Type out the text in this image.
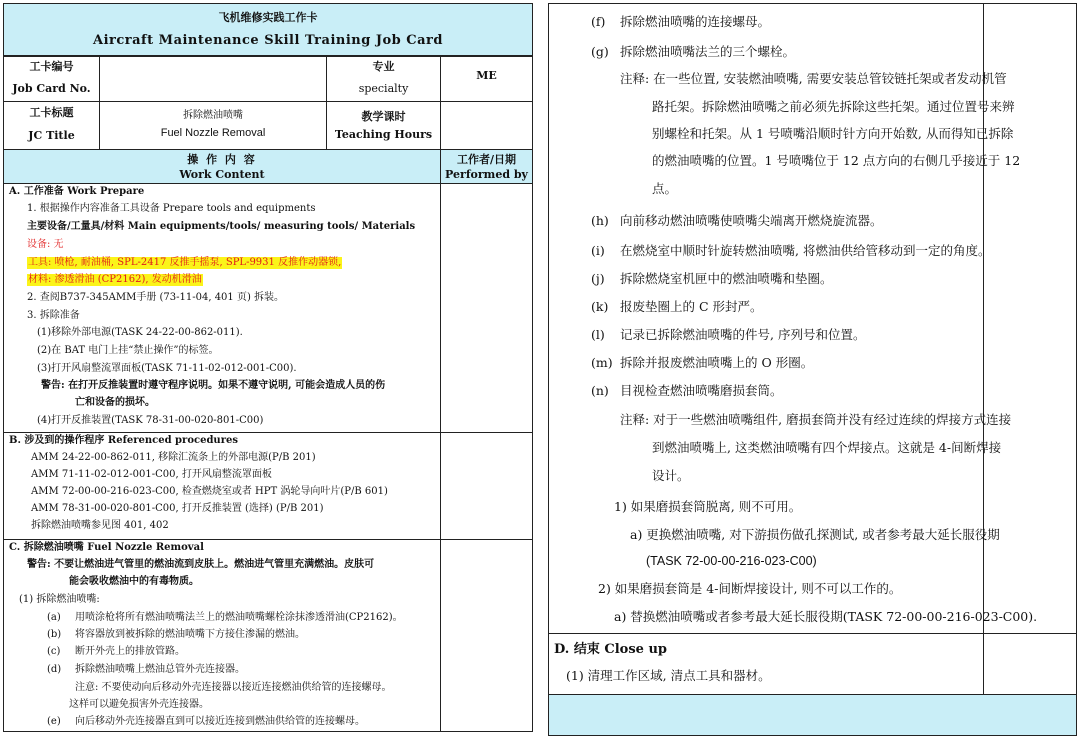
飞机维修实践工作卡
Aircraft Maintenance Skill Training Job Card
工卡编号
Job Card No.
专业
specialty
ME
工卡标题
JC Title
拆除燃油喷嘴
Fuel Nozzle Removal
教学课时
Teaching Hours
操 作 内 容
Work Content
工作者/日期
Performed by
A. 工作准备 Work Prepare
1. 根据操作内容准备工具设备 Prepare tools and equipments
主要设备/工量具/材料 Main equipments/tools/ measuring tools/ Materials
设备: 无
工具: 喷枪, 耐油桶, SPL-2417 反推手摇泵, SPL-9931 反推作动器锁,
材料: 渗透滑油 (CP2162), 发动机滑油
2. 查阅B737-345AMM手册 (73-11-04, 401 页) 拆装。
3. 拆除准备
(1)移除外部电源(TASK 24-22-00-862-011).
(2)在 BAT 电门上挂“禁止操作”的标签。
(3)打开风扇整流罩面板(TASK 71-11-02-012-001-C00).
警告: 在打开反推装置时遵守程序说明。如果不遵守说明, 可能会造成人员的伤
亡和设备的损坏。
(4)打开反推装置(TASK 78-31-00-020-801-C00)
B. 涉及到的操作程序 Referenced procedures
AMM 24-22-00-862-011, 移除汇流条上的外部电源(P/B 201)
AMM 71-11-02-012-001-C00, 打开风扇整流罩面板
AMM 72-00-00-216-023-C00, 检查燃烧室或者 HPT 涡轮导向叶片(P/B 601)
AMM 78-31-00-020-801-C00, 打开反推装置 (选择) (P/B 201)
拆除燃油喷嘴参见图 401, 402
C. 拆除燃油喷嘴 Fuel Nozzle Removal
警告: 不要让燃油进气管里的燃油流到皮肤上。燃油进气管里充满燃油。皮肤可
能会吸收燃油中的有毒物质。
(1) 拆除燃油喷嘴:
(a) 用喷涂枪将所有燃油喷嘴法兰上的燃油喷嘴螺栓涂抹渗透滑油(CP2162)。
(b) 将容器放到被拆除的燃油喷嘴下方接住渗漏的燃油。
(c) 断开外壳上的排放管路。
(d) 拆除燃油喷嘴上燃油总管外壳连接器。
注意: 不要使动向后移动外壳连接器以接近连接燃油供给管的连接螺母。
这样可以避免损害外壳连接器。
(e) 向后移动外壳连接器直到可以接近连接到燃油供给管的连接螺母。
(f) 拆除燃油喷嘴的连接螺母。
(g) 拆除燃油喷嘴法兰的三个螺栓。
注释: 在一些位置, 安装燃油喷嘴, 需要安装总管铰链托架或者发动机管
路托架。拆除燃油喷嘴之前必须先拆除这些托架。通过位置号来辨
别螺栓和托架。从 1 号喷嘴沿顺时针方向开始数, 从而得知已拆除
的燃油喷嘴的位置。1 号喷嘴位于 12 点方向的右侧几乎接近于 12
点。
(h) 向前移动燃油喷嘴使喷嘴尖端离开燃烧旋流器。
(i) 在燃烧室中顺时针旋转燃油喷嘴, 将燃油供给管移动到一定的角度。
(j) 拆除燃烧室机匣中的燃油喷嘴和垫圈。
(k) 报废垫圈上的 C 形封严。
(l) 记录已拆除燃油喷嘴的件号, 序列号和位置。
(m) 拆除并报废燃油喷嘴上的 O 形圈。
(n) 目视检查燃油喷嘴磨损套筒。
注释: 对于一些燃油喷嘴组件, 磨损套筒并没有经过连续的焊接方式连接
到燃油喷嘴上, 这类燃油喷嘴有四个焊接点。这就是 4-间断焊接
设计。
1) 如果磨损套筒脱离, 则不可用。
a) 更换燃油喷嘴, 对下游损伤做孔探测试, 或者参考最大延长服役期
(TASK 72-00-00-216-023-C00)
2) 如果磨损套筒是 4-间断焊接设计, 则不可以工作的。
a) 替换燃油喷嘴或者参考最大延长服役期(TASK 72-00-00-216-023-C00).
D. 结束 Close up
(1) 清理工作区域, 清点工具和器材。
